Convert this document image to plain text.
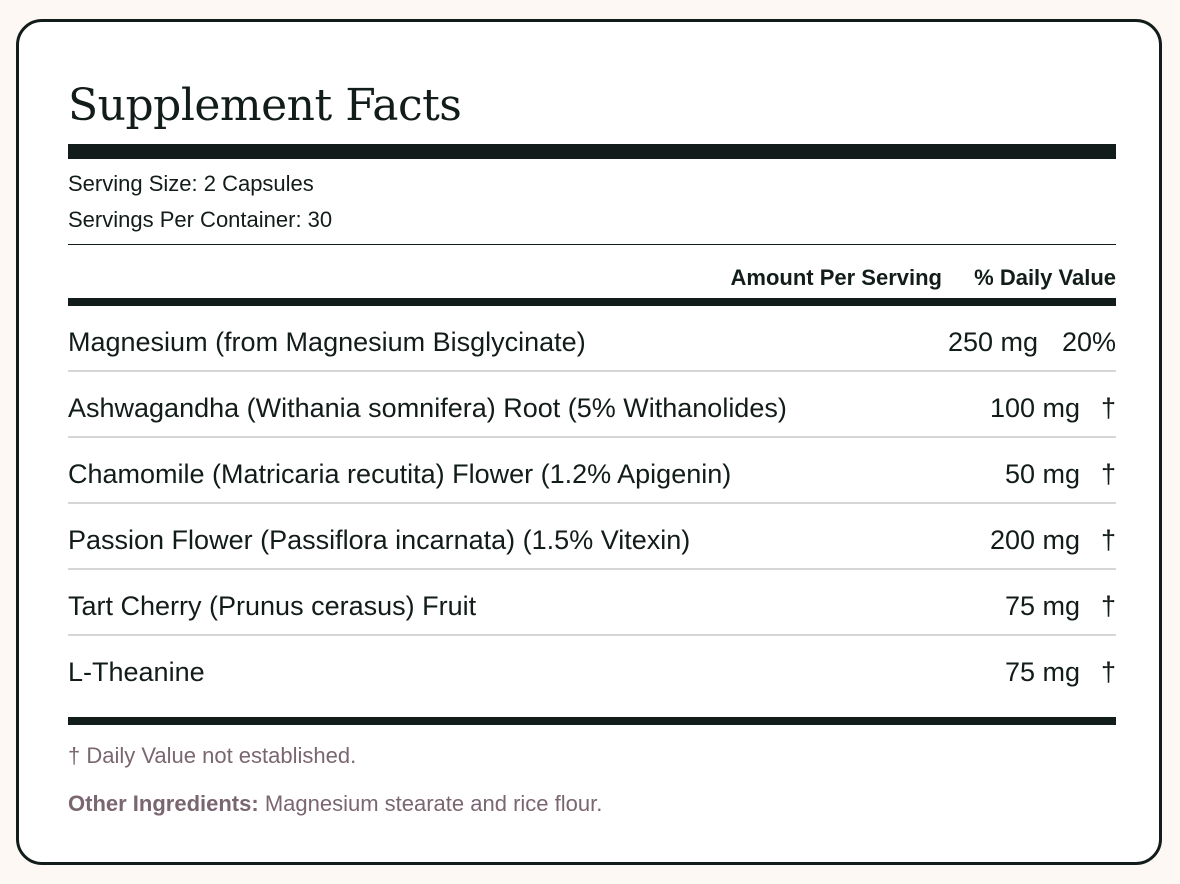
Supplement Facts
Serving Size: 2 Capsules
Servings Per Container: 30
Amount Per Serving % Daily Value
Magnesium (from Magnesium Bisglycinate)	250 mg 20%
Ashwagandha (Withania somnifera) Root (5% Withanolides)	100 mg †
Chamomile (Matricaria recutita) Flower (1.2% Apigenin)	50 mg †
Passion Flower (Passiflora incarnata) (1.5% Vitexin)	200 mg †
Tart Cherry (Prunus cerasus) Fruit	75 mg †
L-Theanine	75 mg †
† Daily Value not established.
Other Ingredients: Magnesium stearate and rice flour.
